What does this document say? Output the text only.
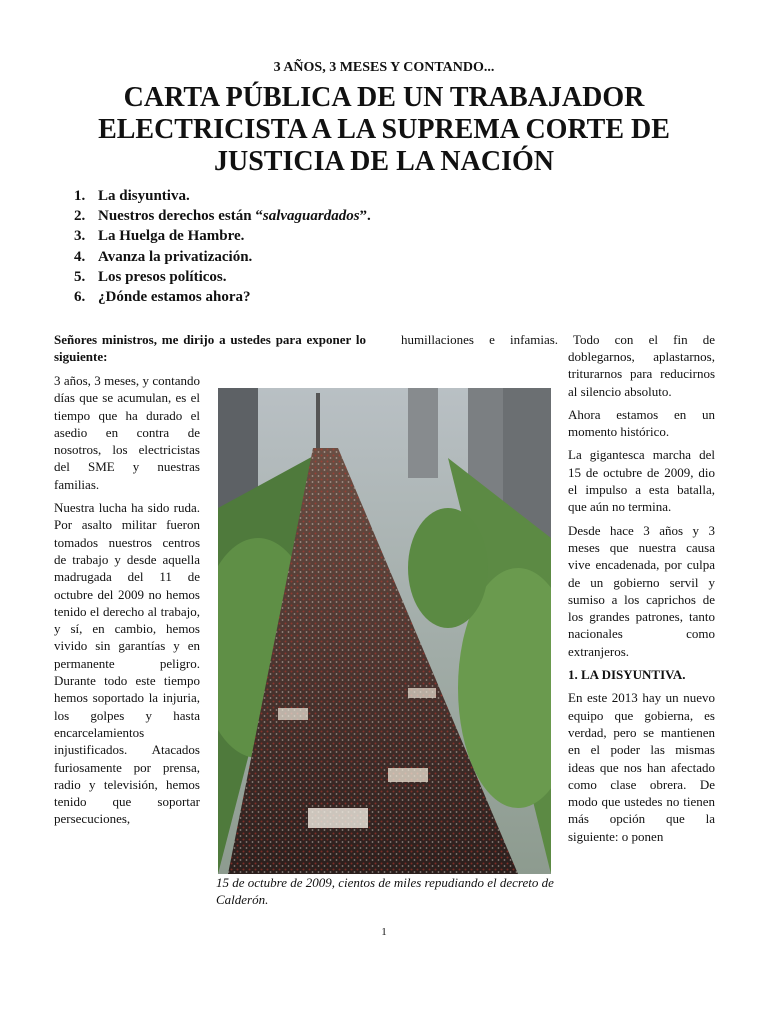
3 AÑOS, 3 MESES Y CONTANDO...
CARTA PÚBLICA DE UN TRABAJADOR ELECTRICISTA A LA SUPREMA CORTE DE JUSTICIA DE LA NACIÓN
1. La disyuntiva.
2. Nuestros derechos están “ salvaguardados ”.
3. La Huelga de Hambre.
4. Avanza la privatización.
5. Los presos políticos.
6. ¿Dónde estamos ahora?

Señores ministros, me dirijo a ustedes para exponer lo siguiente:

humillaciones e infamias. Todo con el fin de

3 años, 3 meses, y contando días que se acumulan, es el tiempo que ha durado el asedio en contra de nosotros, los electricistas del SME y nuestras familias.

Nuestra lucha ha sido ruda. Por asalto militar fueron tomados nuestros centros de trabajo y desde aquella madrugada del 11 de octubre del 2009 no hemos tenido el derecho al trabajo, y sí, en cambio, hemos vivido sin garantías y en permanente peligro. Durante todo este tiempo hemos soportado la injuria, los golpes y hasta encarcelamientos injustificados. Atacados furiosamente por prensa, radio y televisión, hemos tenido que soportar persecuciones,

15 de octubre de 2009, cientos de miles repudiando el decreto de Calderón.

doblegarnos, aplastarnos, triturarnos para reducirnos al silencio absoluto.

Ahora estamos en un momento histórico.

La gigantesca marcha del 15 de octubre de 2009, dio el impulso a esta batalla, que aún no termina.

Desde hace 3 años y 3 meses que nuestra causa vive encadenada, por culpa de un gobierno servil y sumiso a los caprichos de los grandes patrones, tanto nacionales como extranjeros.

1. LA DISYUNTIVA.

En este 2013 hay un nuevo equipo que gobierna, es verdad, pero se mantienen en el poder las mismas ideas que nos han afectado como clase obrera. De modo que ustedes no tienen más opción que la siguiente: o ponen

1
